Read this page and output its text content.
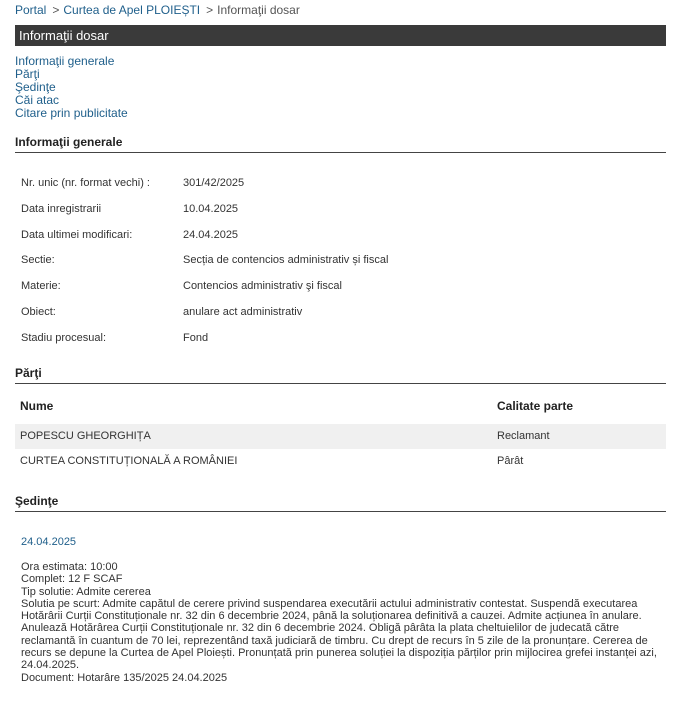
Portal > Curtea de Apel PLOIEȘTI > Informaţii dosar
Informaţii dosar
Informaţii generale
Părţi
Şedinţe
Căi atac
Citare prin publicitate
Informaţii generale
Nr. unic (nr. format vechi) :	301/42/2025
Data inregistrarii	10.04.2025
Data ultimei modificari:	24.04.2025
Sectie:	Secția de contencios administrativ și fiscal
Materie:	Contencios administrativ şi fiscal
Obiect:	anulare act administrativ
Stadiu procesual:	Fond
Părţi
Nume	Calitate parte
POPESCU GHEORGHIȚA	Reclamant
CURTEA CONSTITUȚIONALĂ A ROMÂNIEI	Pârât
Şedinţe
24.04.2025
Ora estimata: 10:00
Complet: 12 F SCAF
Tip solutie: Admite cererea
Solutia pe scurt: Admite capătul de cerere privind suspendarea executării actului administrativ contestat. Suspendă executarea Hotărârii Curții Constituționale nr. 32 din 6 decembrie 2024, până la soluționarea definitivă a cauzei. Admite acțiunea în anulare. Anulează Hotărârea Curții Constituționale nr. 32 din 6 decembrie 2024. Obligă pârâta la plata cheltuielilor de judecată către reclamantă în cuantum de 70 lei, reprezentând taxă judiciară de timbru. Cu drept de recurs în 5 zile de la pronunțare. Cererea de recurs se depune la Curtea de Apel Ploiești. Pronunțată prin punerea soluției la dispoziția părților prin mijlocirea grefei instanței azi, 24.04.2025.
Document: Hotarâre 135/2025 24.04.2025
